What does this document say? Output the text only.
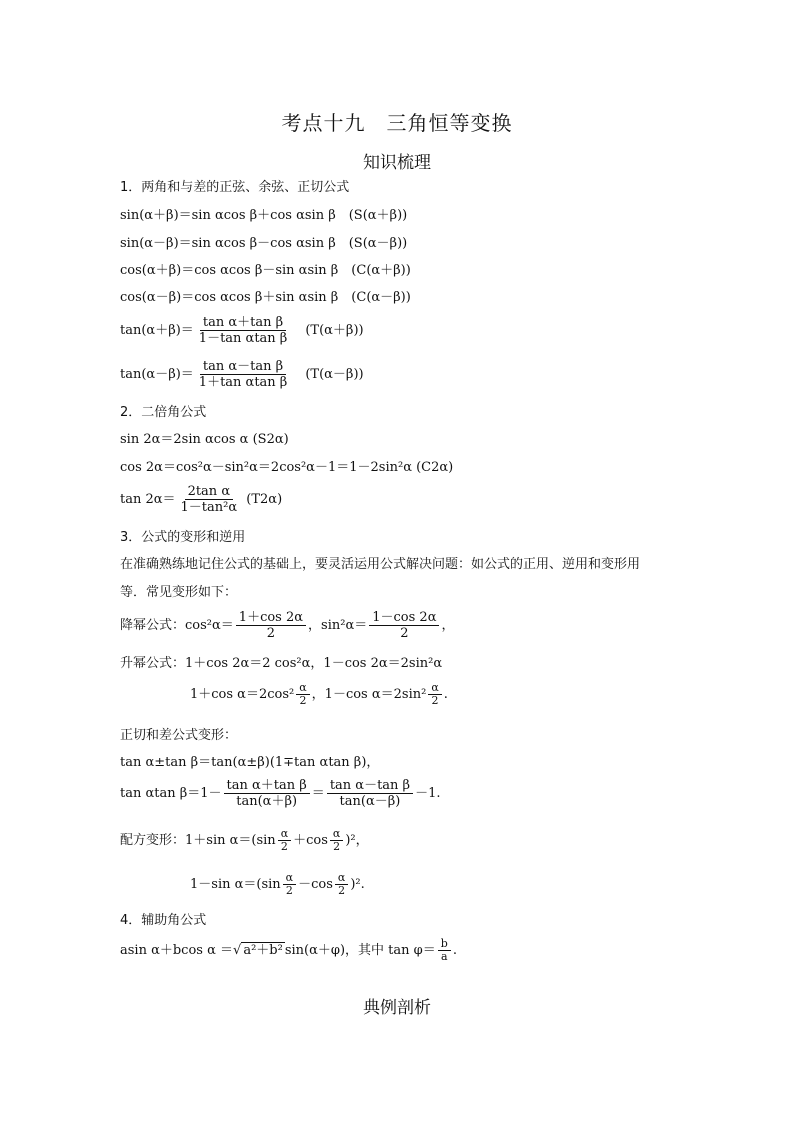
考点十九　三角恒等变换
知识梳理
1．两角和与差的正弦、余弦、正切公式
sin(α＋β)＝sin αcos β＋cos αsin β　(S(α＋β))
sin(α－β)＝sin αcos β－cos αsin β　(S(α－β))
cos(α＋β)＝cos αcos β－sin αsin β　(C(α＋β))
cos(α－β)＝cos αcos β＋sin αsin β　(C(α－β))
$\tan(\alpha+\beta)= \frac{\text{tan α＋tan β}}{\text{1－tan αtan β}}$
　 (T(α＋β))
$\tan(\alpha-\beta)= \frac{\text{tan α－tan β}}{\text{1＋tan αtan β}}$
　 (T(α－β))
2．二倍角公式
sin 2α＝2sin αcos α (S2α)
cos 2α＝cos²α－sin²α＝2cos²α－1＝1－2sin²α (C2α)
$\tan 2\alpha= \frac{\text{2tan α}}{\text{1－tan²α}} (T2\alpha)$
3．公式的变形和逆用
在准确熟练地记住公式的基础上，要灵活运用公式解决问题：如公式的正用、逆用和变形用
等．常见变形如下：
降幂公式：$\cos^2\alpha= \frac{1+\cos 2\alpha}{2}$ ，$\sin^2\alpha= \frac{1-\cos 2\alpha}{2}$ ，
升幂公式：1＋cos 2α＝2 cos²α，1－cos 2α＝2sin²α
1＋cos $\alpha=2\cos^2 \frac{\alpha}{2}$ ，1－cos $\alpha=2\sin^2 \frac{\alpha}{2}$ .
正切和差公式变形：
tan α±tan β＝tan(α±β)(1∓tan αtan β)，
tan αtan $\beta=1- \frac{\text{tan α＋tan β}}{\tan(\alpha+\beta)} = \frac{\text{tan α－tan β}}{\tan(\alpha-\beta)} -1$.
配方变形：1＋sin $\alpha=(\sin \frac{\alpha}{2} +\cos \frac{\alpha}{2} )^2$，
1－sin $\alpha=(\sin \frac{\alpha}{2} -\cos \frac{\alpha}{2} )^2$.
4．辅助角公式
asin α＋bcos α ＝√ a²＋b² sin(α＋φ)，其中 $\tan \varphi= \frac{b}{a}$ .
典例剖析
